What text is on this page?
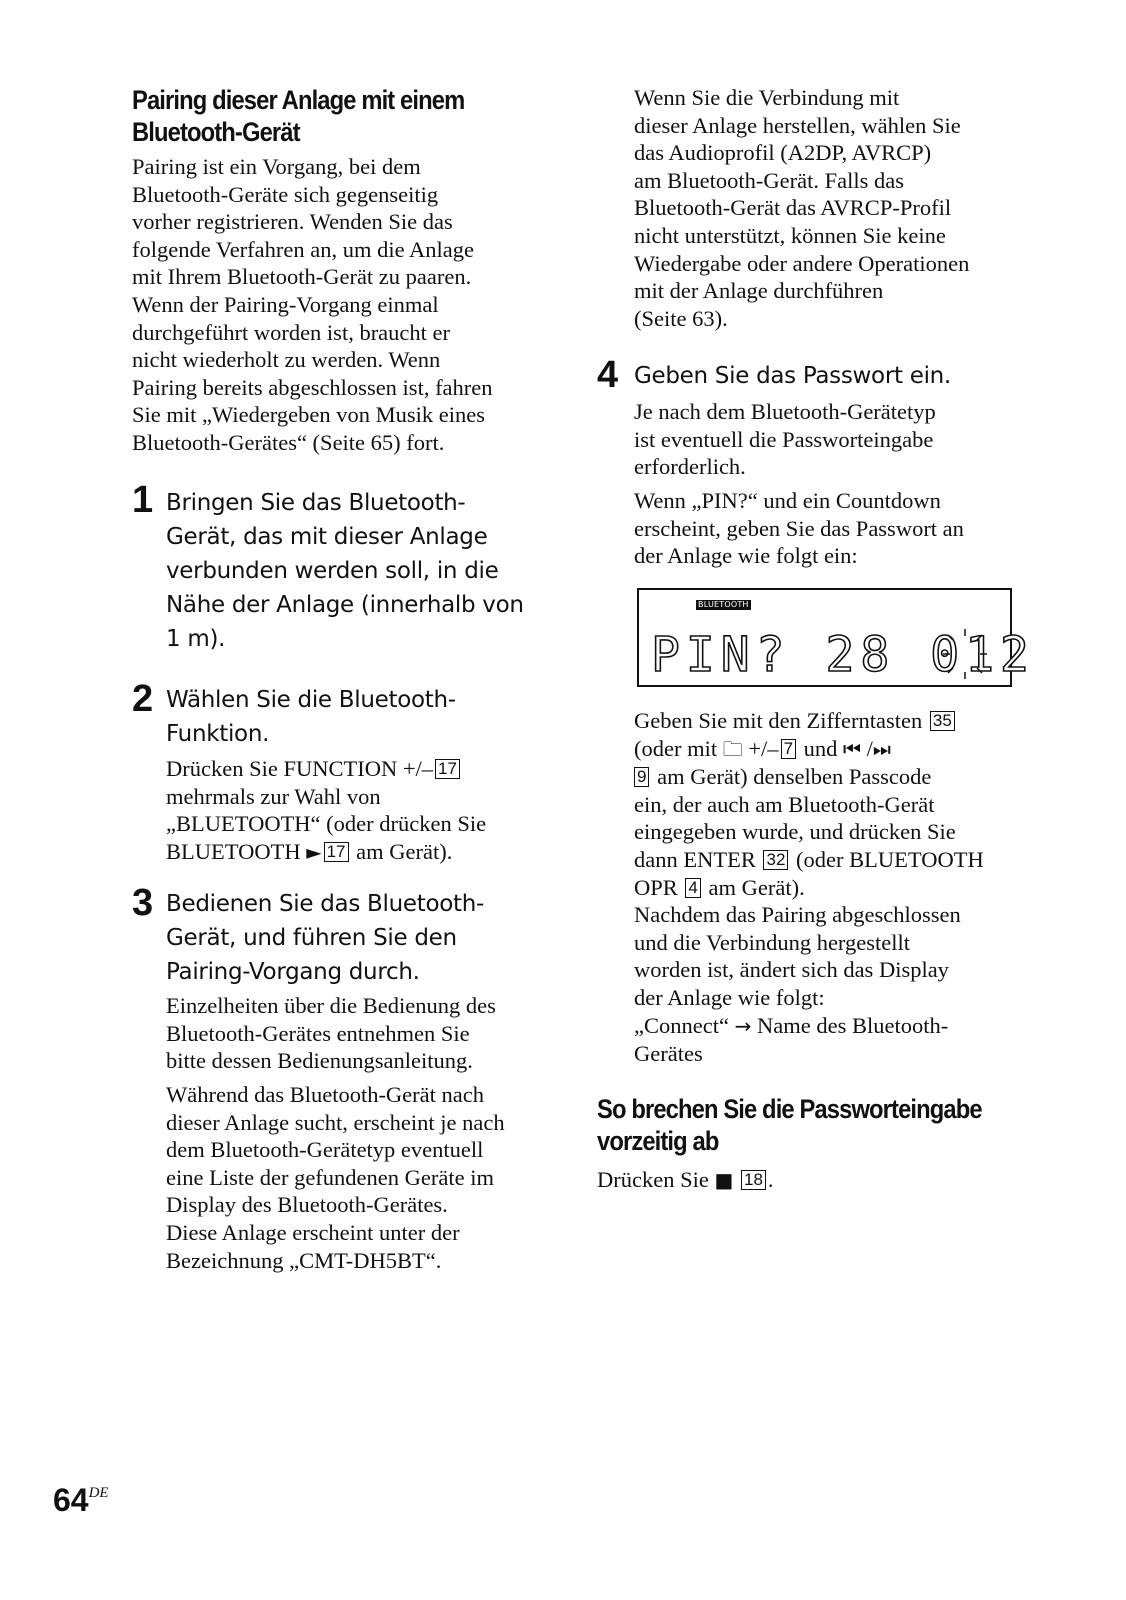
Pairing dieser Anlage mit einem
Bluetooth-Gerät
Pairing ist ein Vorgang, bei dem
Bluetooth-Geräte sich gegenseitig
vorher registrieren. Wenden Sie das
folgende Verfahren an, um die Anlage
mit Ihrem Bluetooth-Gerät zu paaren.
Wenn der Pairing-Vorgang einmal
durchgeführt worden ist, braucht er
nicht wiederholt zu werden. Wenn
Pairing bereits abgeschlossen ist, fahren
Sie mit „Wiedergeben von Musik eines
Bluetooth-Gerätes“ (Seite 65) fort.
1 Bringen Sie das Bluetooth-
Gerät, das mit dieser Anlage
verbunden werden soll, in die
Nähe der Anlage (innerhalb von
1 m).
2 Wählen Sie die Bluetooth-
Funktion.
Drücken Sie FUNCTION +/– 17
mehrmals zur Wahl von
„BLUETOOTH“ (oder drücken Sie
BLUETOOTH ► 17 am Gerät).
3 Bedienen Sie das Bluetooth-
Gerät, und führen Sie den
Pairing-Vorgang durch.
Einzelheiten über die Bedienung des
Bluetooth-Gerätes entnehmen Sie
bitte dessen Bedienungsanleitung.
Während das Bluetooth-Gerät nach
dieser Anlage sucht, erscheint je nach
dem Bluetooth-Gerätetyp eventuell
eine Liste der gefundenen Geräte im
Display des Bluetooth-Gerätes.
Diese Anlage erscheint unter der
Bezeichnung „CMT-DH5BT“.
Wenn Sie die Verbindung mit
dieser Anlage herstellen, wählen Sie
das Audioprofil (A2DP, AVRCP)
am Bluetooth-Gerät. Falls das
Bluetooth-Gerät das AVRCP-Profil
nicht unterstützt, können Sie keine
Wiedergabe oder andere Operationen
mit der Anlage durchführen
(Seite 63).
4 Geben Sie das Passwort ein.
Je nach dem Bluetooth-Gerätetyp
ist eventuell die Passworteingabe
erforderlich.
Wenn „PIN?“ und ein Countdown
erscheint, geben Sie das Passwort an
der Anlage wie folgt ein:
Geben Sie mit den Zifferntasten 35
(oder mit 🗀 +/– 7 und ⏮ /⏭
9 am Gerät) denselben Passcode
ein, der auch am Bluetooth-Gerät
eingegeben wurde, und drücken Sie
dann ENTER 32 (oder BLUETOOTH
OPR 4 am Gerät).
Nachdem das Pairing abgeschlossen
und die Verbindung hergestellt
worden ist, ändert sich das Display
der Anlage wie folgt:
„Connect“ → Name des Bluetooth-
Gerätes
So brechen Sie die Passworteingabe
vorzeitig ab
Drücken Sie ■ 18 .
BLUETOOTH
PIN? 28 012
64DE
